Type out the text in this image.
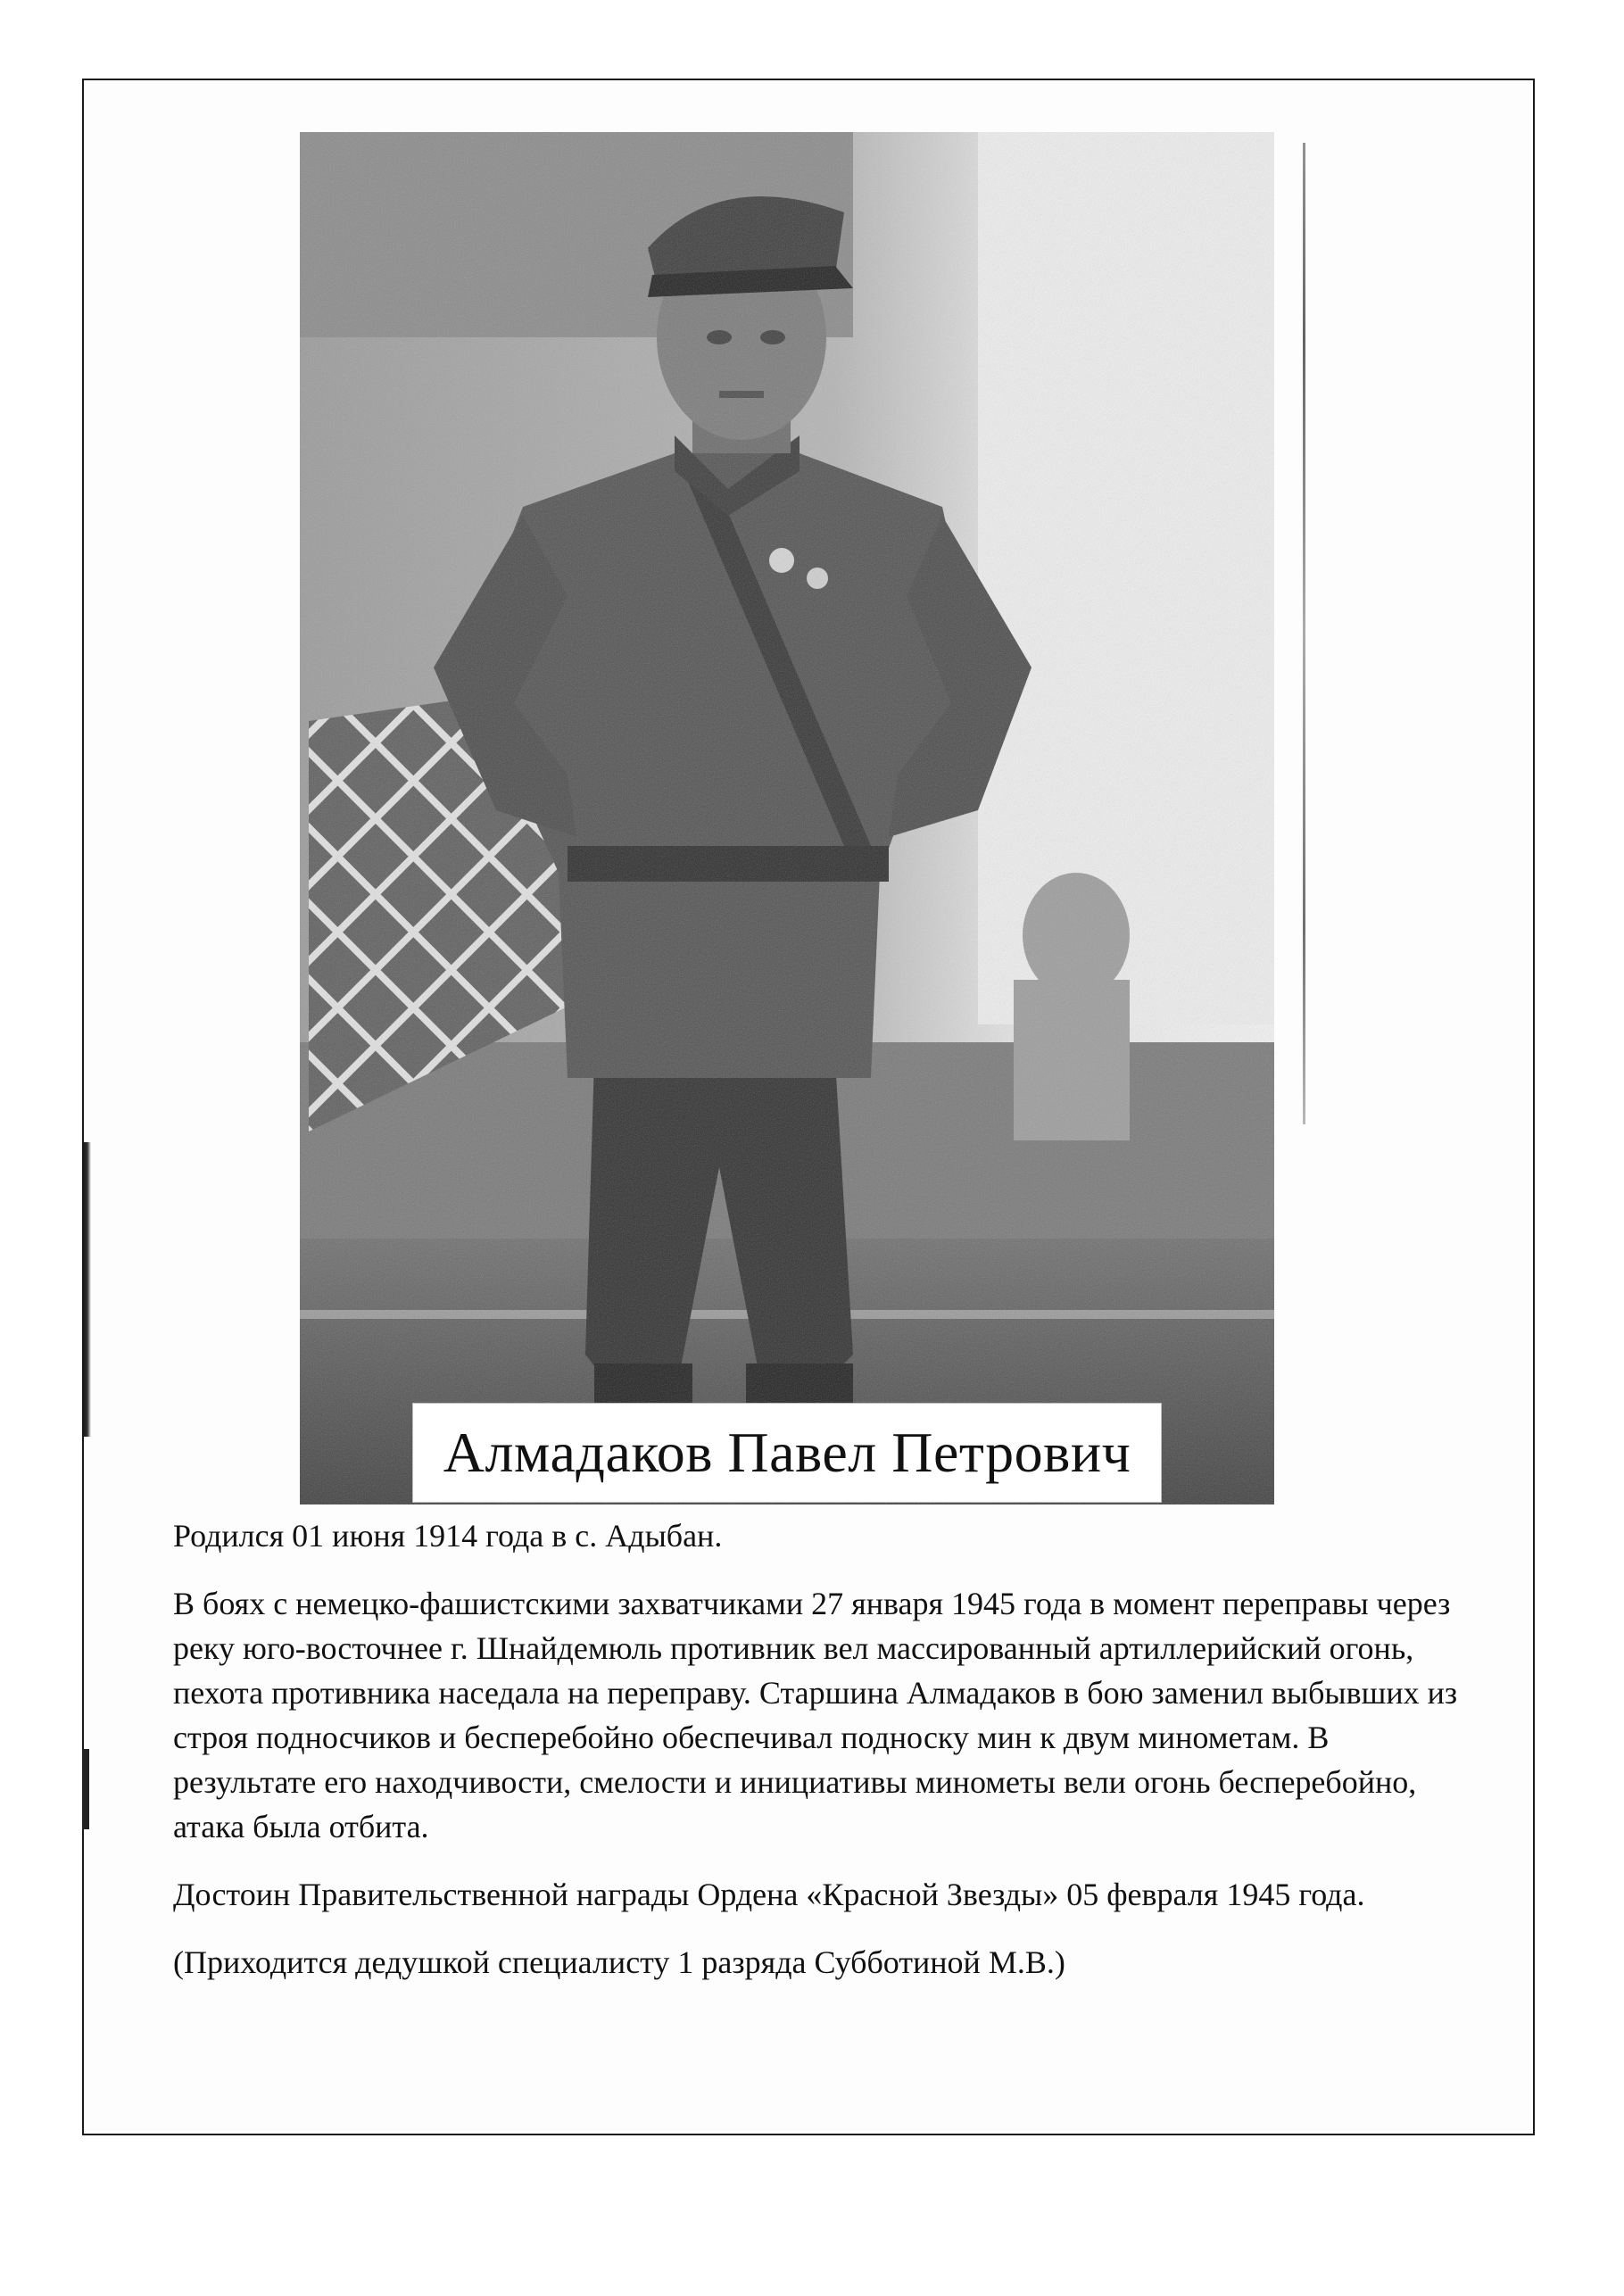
Алмадаков Павел Петрович

Родился 01 июня 1914 года в с. Адыбан.

В боях с немецко-фашистскими захватчиками 27 января 1945 года в момент переправы через реку юго-восточнее г. Шнайдемюль противник вел массированный артиллерийский огонь, пехота противника наседала на переправу. Старшина Алмадаков в бою заменил выбывших из строя подносчиков и бесперебойно обеспечивал подноску мин к двум минометам. В результате его находчивости, смелости и инициативы минометы вели огонь бесперебойно, атака была отбита.

Достоин Правительственной награды Ордена «Красной Звезды» 05 февраля 1945 года.

(Приходится дедушкой специалисту 1 разряда Субботиной М.В.)
